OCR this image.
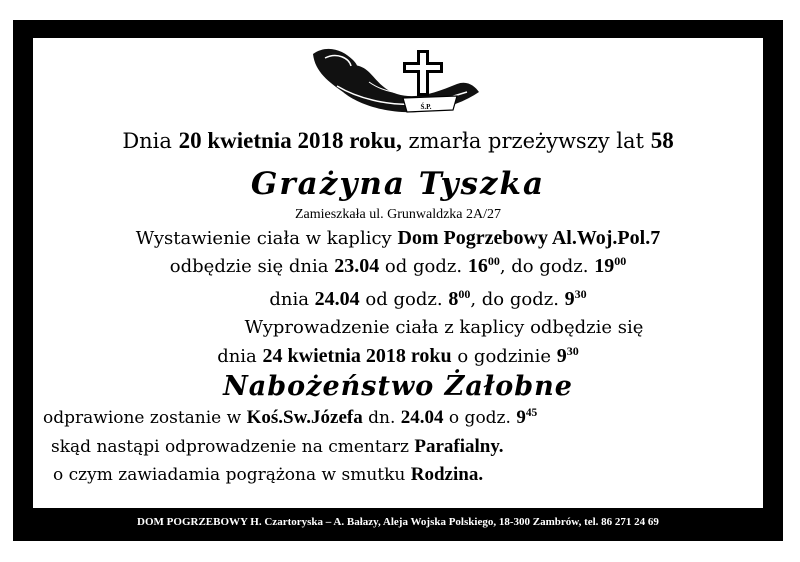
Ś.P.
Dnia 20 kwietnia 2018 roku, zmarła przeżywszy lat 58
Grażyna Tyszka
Zamieszkała ul. Grunwaldzka 2A/27
Wystawienie ciała w kaplicy Dom Pogrzebowy Al.Woj.Pol.7
odbędzie się dnia 23.04 od godz. $16^{00}$, do godz. $19^{00}$
dnia 24.04 od godz. $8^{00}$, do godz. $9^{30}$
Wyprowadzenie ciała z kaplicy odbędzie się
dnia 24 kwietnia 2018 roku o godzinie $9^{30}$
Nabożeństwo Żałobne
odprawione zostanie w Koś.Sw.Józefa dn. 24.04 o godz. $9^{45}$
skąd nastąpi odprowadzenie na cmentarz Parafialny.
o czym zawiadamia pogrążona w smutku Rodzina.
DOM POGRZEBOWY H. Czartoryska – A. Bałazy, Aleja Wojska Polskiego, 18-300 Zambrów, tel. 86 271 24 69
